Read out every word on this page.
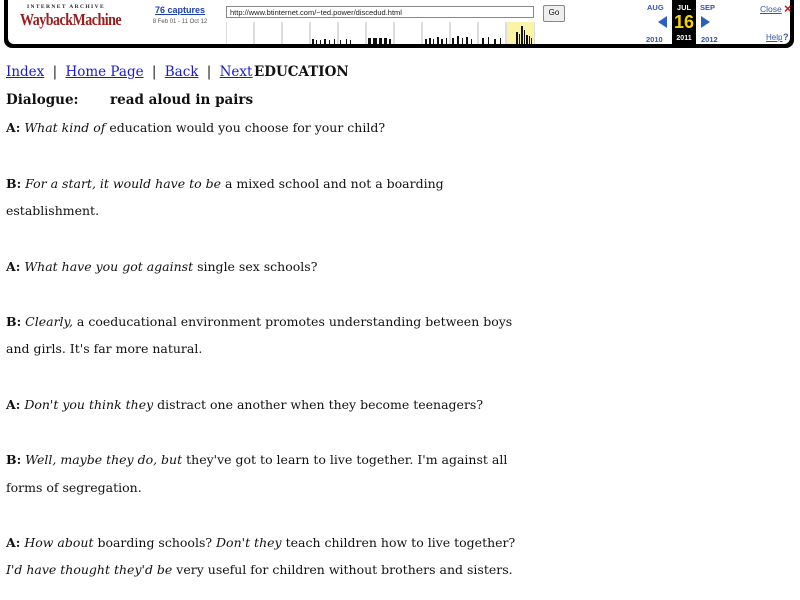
INTERNET ARCHIVE
WaybackMachine
76 captures
8 Feb 01 - 11 Oct 12
http://www.btinternet.com/~ted.power/discedud.html	Go
AUG	JUL
16
2011
SEP
2010	2012
Close ×
Help ?
Index | Home Page | Back | Next EDUCATION
Dialogue: read aloud in pairs
A: What kind of education would you choose for your child?
B: For a start, it would have to be a mixed school and not a boarding
establishment.
A: What have you got against single sex schools?
B: Clearly, a coeducational environment promotes understanding between boys
and girls. It's far more natural.
A: Don't you think they distract one another when they become teenagers?
B: Well, maybe they do, but they've got to learn to live together. I'm against all
forms of segregation.
A: How about boarding schools? Don't they teach children how to live together?
I'd have thought they'd be very useful for children without brothers and sisters.
